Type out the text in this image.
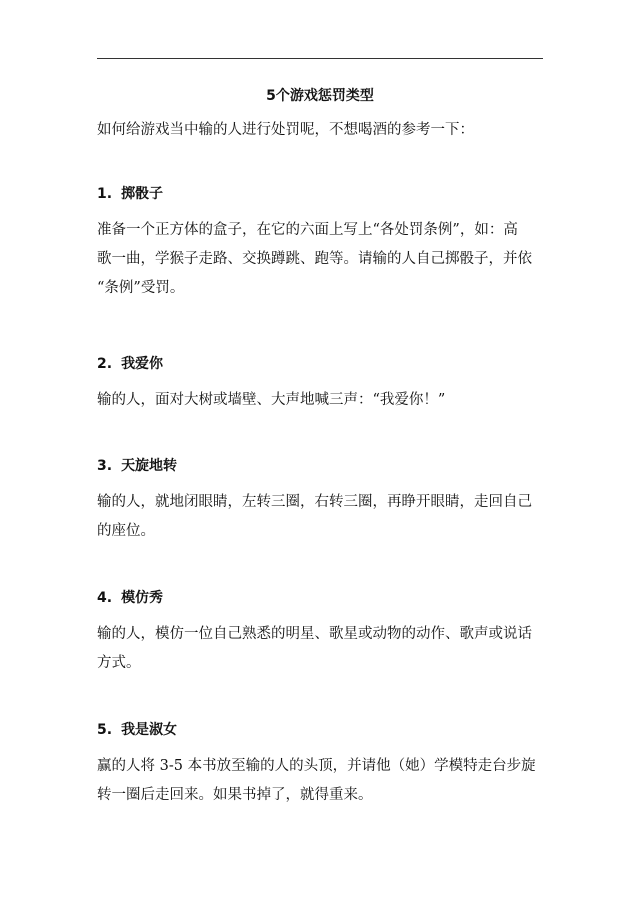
5个游戏惩罚类型
如何给游戏当中输的人进行处罚呢，不想喝酒的参考一下：
1. 掷骰子
准备一个正方体的盒子，在它的六面上写上“各处罚条例”，如：高
歌一曲，学猴子走路、交换蹲跳、跑等。请输的人自己掷骰子，并依
“条例”受罚。
2. 我爱你
输的人，面对大树或墙壁、大声地喊三声：“我爱你！”
3. 天旋地转
输的人，就地闭眼睛，左转三圈，右转三圈，再睁开眼睛，走回自己
的座位。
4. 模仿秀
输的人，模仿一位自己熟悉的明星、歌星或动物的动作、歌声或说话
方式。
5. 我是淑女
赢的人将 3-5 本书放至输的人的头顶，并请他（她）学模特走台步旋
转一圈后走回来。如果书掉了，就得重来。
